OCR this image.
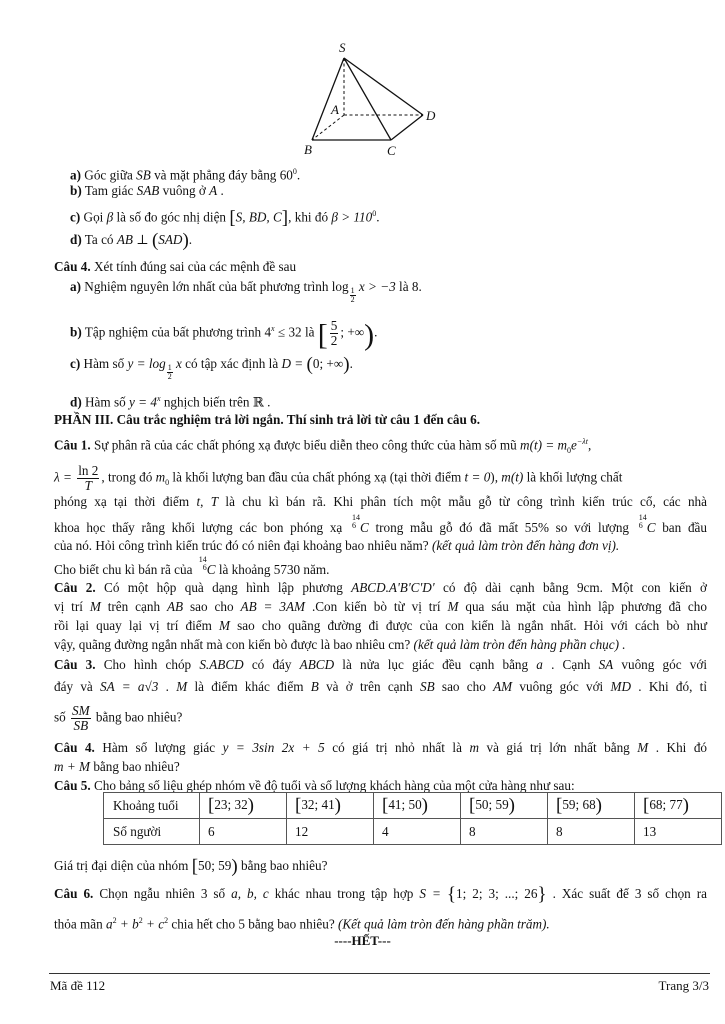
S
A
B	C
D
a) Góc giữa SB và mặt phẳng đáy bằng $60^0$.
b) Tam giác SAB vuông ở A .
c) Gọi β là số đo góc nhị diện [S, BD, C], khi đó $\beta > 110^0$.
d) Ta có AB ⊥ (SAD).
Câu 4. Xét tính đúng sai của các mệnh đề sau
a) Nghiệm nguyên lớn nhất của bất phương trình log
$\frac{1}{2}$ x > −3 là 8.
b) Tập nghiệm của bất phương trình $4^x \le 32$ là [ $\frac{5}{2}$ ; +∞).
c) Hàm số y = log
$\frac{1}{2}$ x có tập xác định là D = (0; +∞).
d) Hàm số $y = 4^x$ nghịch biến trên ℝ .
PHẦN III. Câu trắc nghiệm trả lời ngắn. Thí sinh trả lời từ câu 1 đến câu 6.
Câu 1. Sự phân rã của các chất phóng xạ được biểu diễn theo công thức của hàm số mũ $m(t) = m_0e^{-\lambda t}$,
$\lambda = \frac{\ln 2}{T}$ , trong đó $m_0$ là khối lượng ban đầu của chất phóng xạ (tại thời điểm t = 0), m(t) là khối lượng chất
phóng xạ tại thời điểm t, T là chu kì bán rã. Khi phân tích một mẫu gỗ từ công trình kiến trúc cổ, các nhà
khoa học thấy rằng khối lượng các bon phóng xạ
14
6 C trong mẫu gỗ đó đã mất 55% so với lượng
14
6 C ban đầu
của nó. Hỏi công trình kiến trúc đó có niên đại khoảng bao nhiêu năm? (kết quả làm tròn đến hàng đơn vị).
Cho biết chu kì bán rã của
14
6 C là khoảng 5730 năm.
Câu 2. Có một hộp quà dạng hình lập phương ABCD.A'B'C'D' có độ dài cạnh bằng 9cm. Một con kiến ở
vị trí M trên cạnh AB sao cho AB = 3AM .Con kiến bò từ vị trí M qua sáu mặt của hình lập phương đã cho
rồi lại quay lại vị trí điểm M sao cho quãng đường đi được của con kiến là ngắn nhất. Hỏi với cách bò như
vậy, quãng đường ngắn nhất mà con kiến bò được là bao nhiêu cm? (kết quả làm tròn đến hàng phần chục) .
Câu 3. Cho hình chóp S.ABCD có đáy ABCD là nửa lục giác đều cạnh bằng a . Cạnh SA vuông góc với
đáy và SA = a√3 . M là điểm khác điểm B và ở trên cạnh SB sao cho AM vuông góc với MD . Khi đó, tỉ
số $\frac{SM}{SB}$ bằng bao nhiêu?
Câu 4. Hàm số lượng giác y = 3sin 2x + 5 có giá trị nhỏ nhất là m và giá trị lớn nhất bằng M . Khi đó
m + M bằng bao nhiêu?
Câu 5. Cho bảng số liệu ghép nhóm về độ tuổi và số lượng khách hàng của một cửa hàng như sau:
Khoảng tuổi	[23; 32)	[32; 41)	[41; 50)	[50; 59)	[59; 68)	[68; 77)
Số người	6	12	4	8	8	13
Giá trị đại diện của nhóm [50; 59) bằng bao nhiêu?
Câu 6. Chọn ngẫu nhiên 3 số a, b, c khác nhau trong tập hợp S = {1; 2; 3; ...; 26} . Xác suất để 3 số chọn ra
thỏa mãn $a^2 + b^2 + c^2$ chia hết cho 5 bằng bao nhiêu? (Kết quả làm tròn đến hàng phần trăm).
----HẾT---
Mã đề 112	Trang 3/3
